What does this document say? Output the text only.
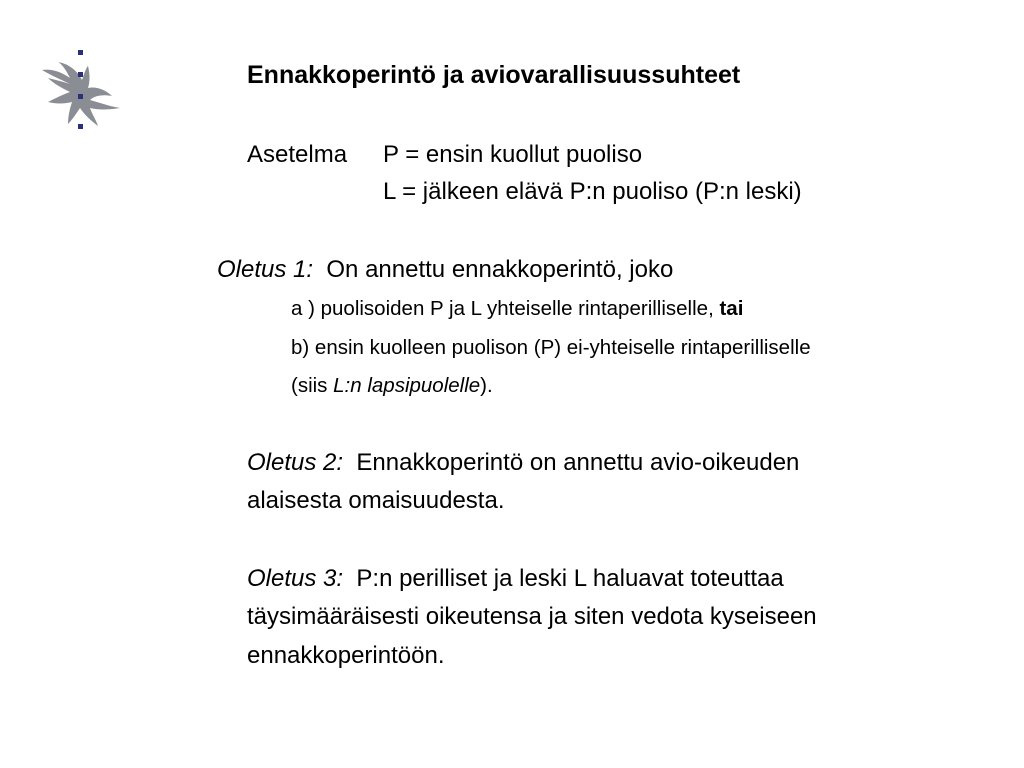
Ennakkoperintö ja aviovarallisuussuhteet
Asetelma P = ensin kuollut puoliso
L = jälkeen elävä P:n puoliso (P:n leski)
Oletus 1: On annettu ennakkoperintö, joko
a ) puolisoiden P ja L yhteiselle rintaperilliselle, tai
b) ensin kuolleen puolison (P) ei-yhteiselle rintaperilliselle
(siis L:n lapsipuolelle).
Oletus 2: Ennakkoperintö on annettu avio-oikeuden
alaisesta omaisuudesta.
Oletus 3: P:n perilliset ja leski L haluavat toteuttaa
täysimääräisesti oikeutensa ja siten vedota kyseiseen
ennakkoperintöön.
